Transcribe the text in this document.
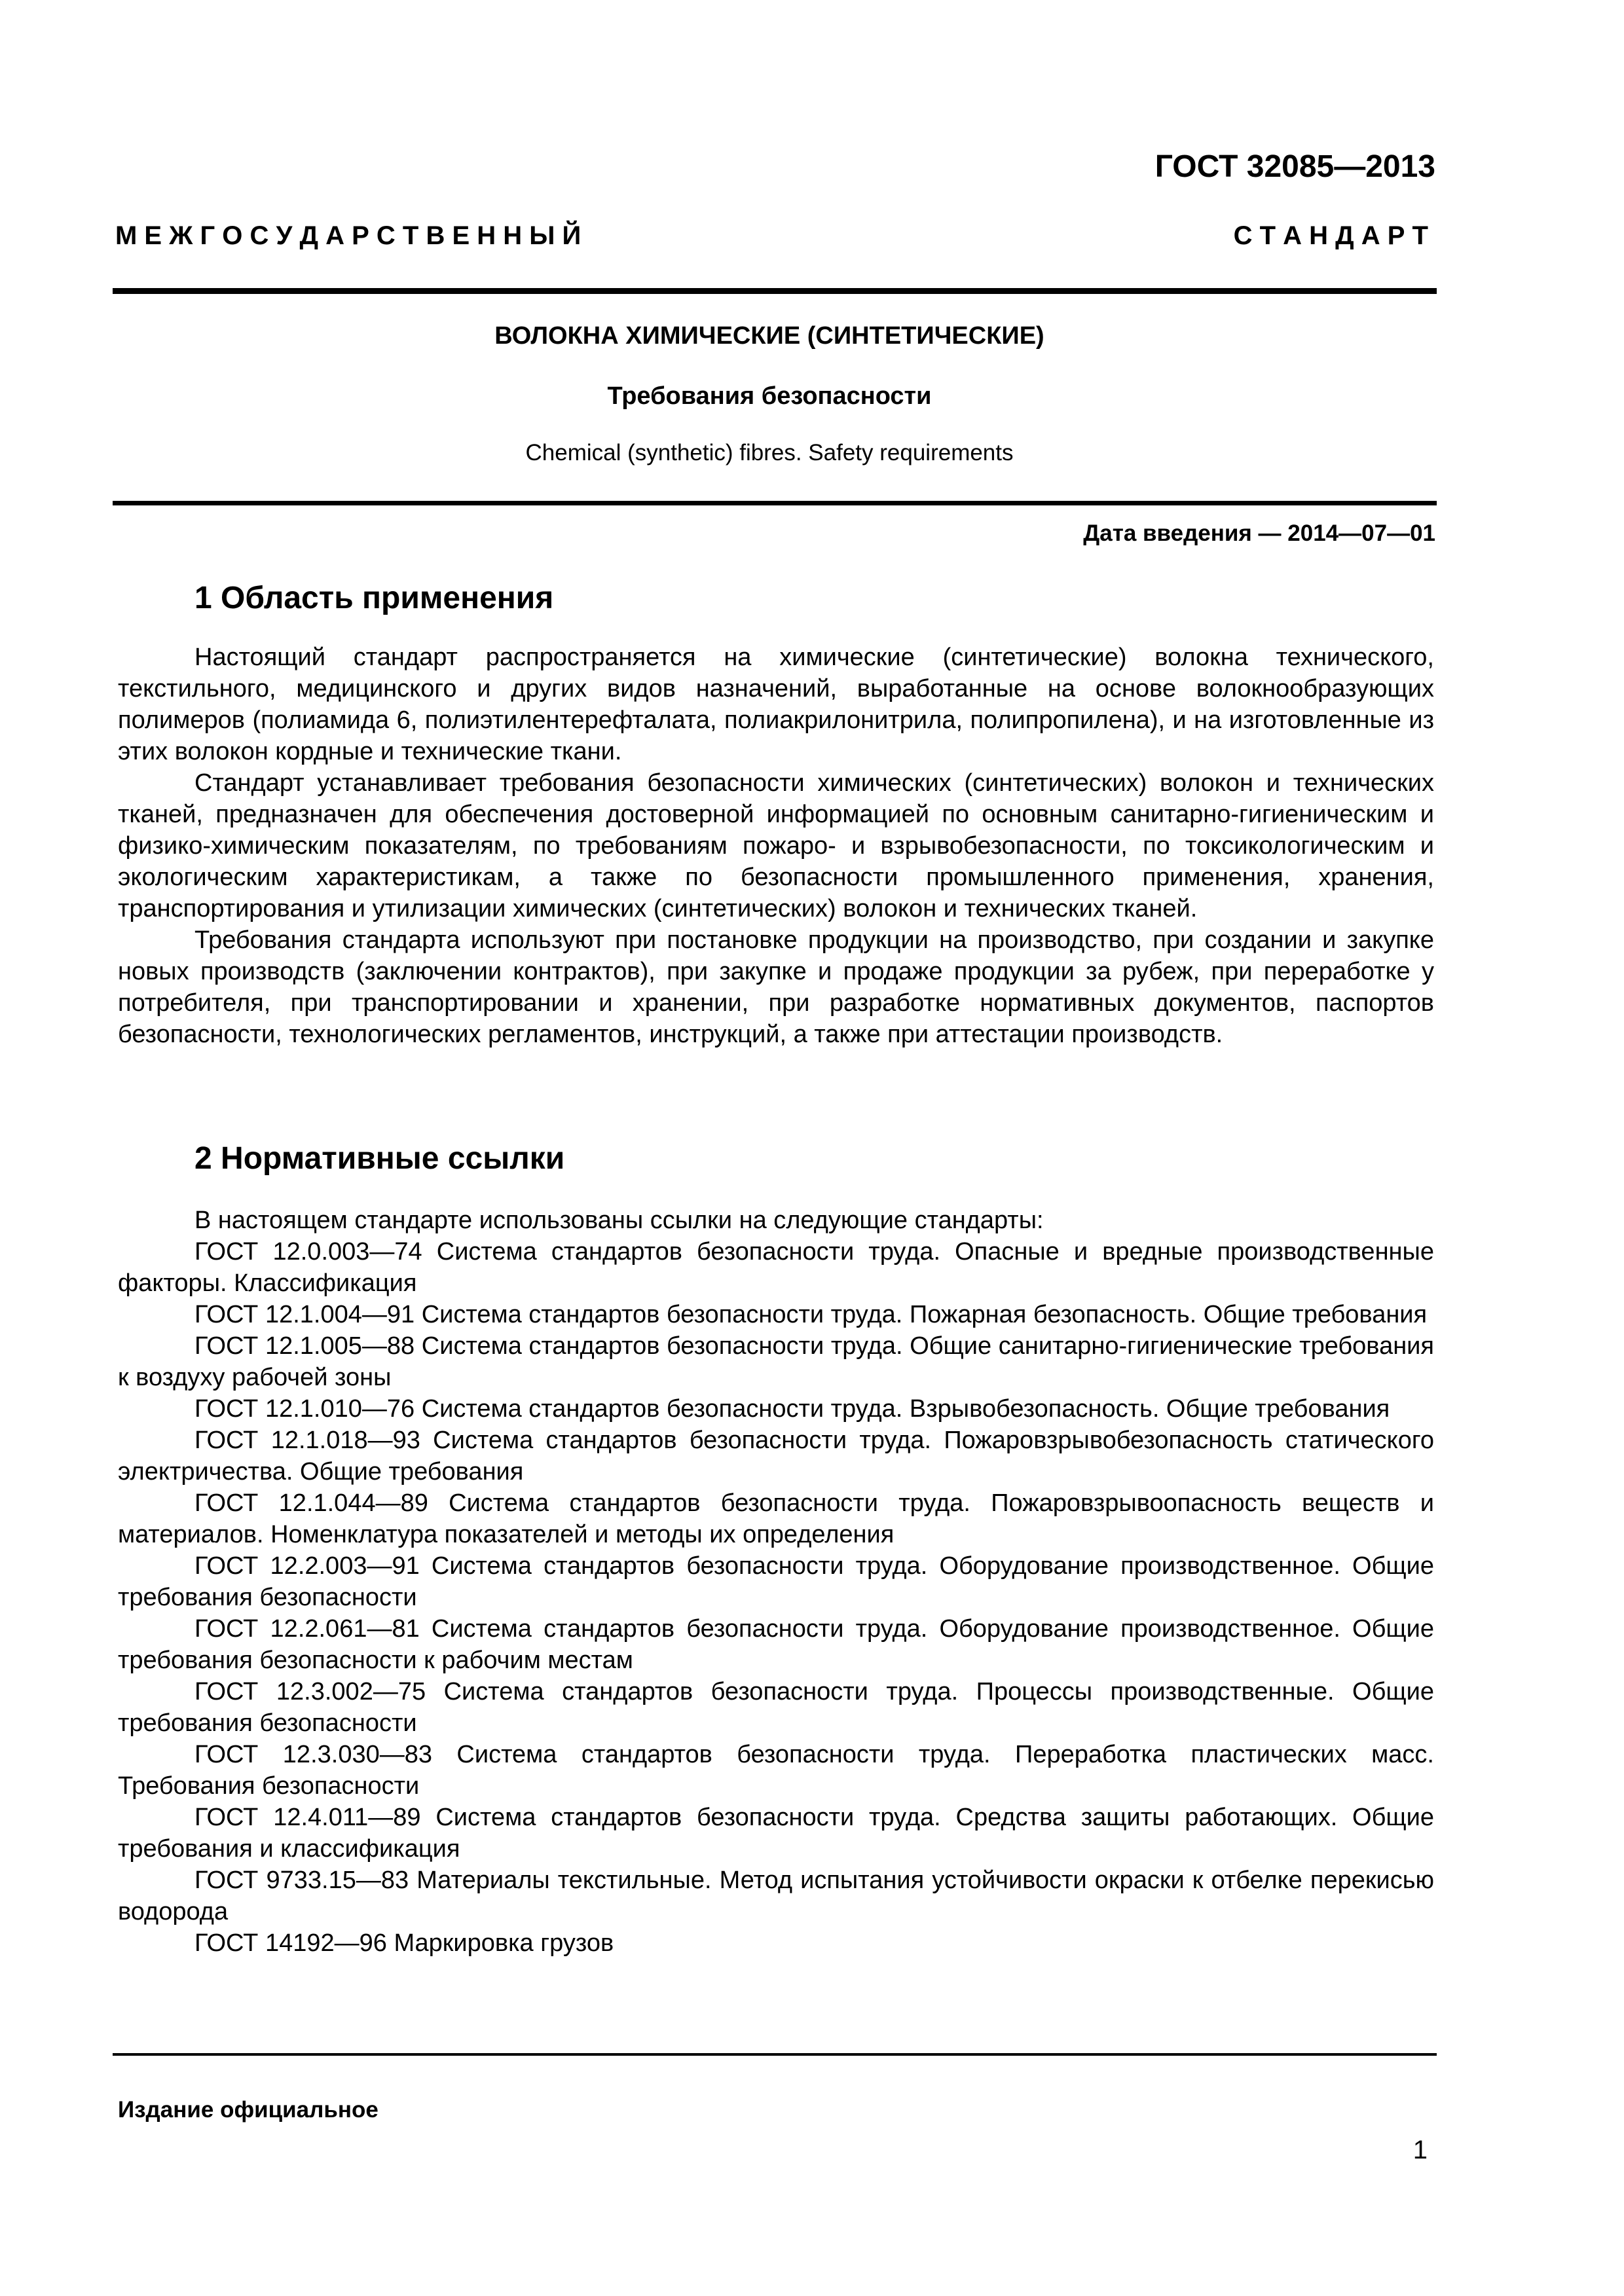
ГОСТ 32085—2013

М Е Ж Г О С У Д А Р С Т В Е Н Н Ы Й	С Т А Н Д А Р Т
ВОЛОКНА ХИМИЧЕСКИЕ (СИНТЕТИЧЕСКИЕ)
Требования безопасности

Chemical (synthetic) fibres. Safety requirements

Дата введения — 2014—07—01

1 Область применения

Настоящий стандарт распространяется на химические (синтетические) волокна технического, текстильного, медицинского и других видов назначений, выработанные на основе волокнообразующих полимеров (полиамида 6, полиэтилентерефталата, полиакрилонитрила, полипропилена), и на изготовленные из этих волокон кордные и технические ткани.

Стандарт устанавливает требования безопасности химических (синтетических) волокон и технических тканей, предназначен для обеспечения достоверной информацией по основным санитарно-гигиеническим и физико-химическим показателям, по требованиям пожаро- и взрывобезопасности, по токсикологическим и экологическим характеристикам, а также по безопасности промышленного применения, хранения, транспортирования и утилизации химических (синтетических) волокон и технических тканей.

Требования стандарта используют при постановке продукции на производство, при создании и закупке новых производств (заключении контрактов), при закупке и продаже продукции за рубеж, при переработке у потребителя, при транспортировании и хранении, при разработке нормативных документов, паспортов безопасности, технологических регламентов, инструкций, а также при аттестации производств.

2 Нормативные ссылки

В настоящем стандарте использованы ссылки на следующие стандарты:

ГОСТ 12.0.003—74 Система стандартов безопасности труда. Опасные и вредные производственные факторы. Классификация
ГОСТ 12.1.004—91 Система стандартов безопасности труда. Пожарная безопасность. Общие требования
ГОСТ 12.1.005—88 Система стандартов безопасности труда. Общие санитарно-гигиенические требования к воздуху рабочей зоны
ГОСТ 12.1.010—76 Система стандартов безопасности труда. Взрывобезопасность. Общие требования
ГОСТ 12.1.018—93 Система стандартов безопасности труда. Пожаровзрывобезопасность статического электричества. Общие требования
ГОСТ 12.1.044—89 Система стандартов безопасности труда. Пожаровзрывоопасность веществ и материалов. Номенклатура показателей и методы их определения
ГОСТ 12.2.003—91 Система стандартов безопасности труда. Оборудование производственное. Общие требования безопасности
ГОСТ 12.2.061—81 Система стандартов безопасности труда. Оборудование производственное. Общие требования безопасности к рабочим местам
ГОСТ 12.3.002—75 Система стандартов безопасности труда. Процессы производственные. Общие требования безопасности
ГОСТ 12.3.030—83 Система стандартов безопасности труда. Переработка пластических масс. Требования безопасности
ГОСТ 12.4.011—89 Система стандартов безопасности труда. Средства защиты работающих. Общие требования и классификация
ГОСТ 9733.15—83 Материалы текстильные. Метод испытания устойчивости окраски к отбелке перекисью водорода
ГОСТ 14192—96 Маркировка грузов

Издание официальное

1
